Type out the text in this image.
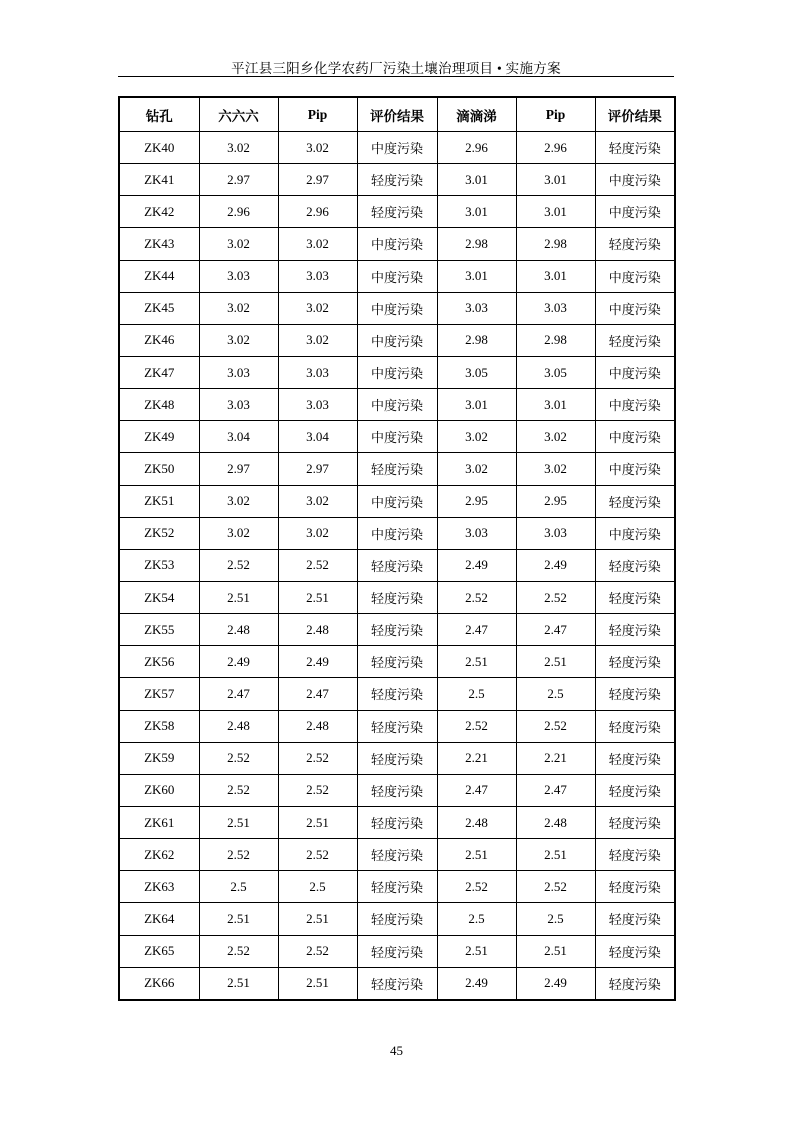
平江县三阳乡化学农药厂污染土壤治理项目 • 实施方案
钻孔	六六六	Pip	评价结果	滴滴涕	Pip	评价结果
ZK40	3.02	3.02	中度污染	2.96	2.96	轻度污染
ZK41	2.97	2.97	轻度污染	3.01	3.01	中度污染
ZK42	2.96	2.96	轻度污染	3.01	3.01	中度污染
ZK43	3.02	3.02	中度污染	2.98	2.98	轻度污染
ZK44	3.03	3.03	中度污染	3.01	3.01	中度污染
ZK45	3.02	3.02	中度污染	3.03	3.03	中度污染
ZK46	3.02	3.02	中度污染	2.98	2.98	轻度污染
ZK47	3.03	3.03	中度污染	3.05	3.05	中度污染
ZK48	3.03	3.03	中度污染	3.01	3.01	中度污染
ZK49	3.04	3.04	中度污染	3.02	3.02	中度污染
ZK50	2.97	2.97	轻度污染	3.02	3.02	中度污染
ZK51	3.02	3.02	中度污染	2.95	2.95	轻度污染
ZK52	3.02	3.02	中度污染	3.03	3.03	中度污染
ZK53	2.52	2.52	轻度污染	2.49	2.49	轻度污染
ZK54	2.51	2.51	轻度污染	2.52	2.52	轻度污染
ZK55	2.48	2.48	轻度污染	2.47	2.47	轻度污染
ZK56	2.49	2.49	轻度污染	2.51	2.51	轻度污染
ZK57	2.47	2.47	轻度污染	2.5	2.5	轻度污染
ZK58	2.48	2.48	轻度污染	2.52	2.52	轻度污染
ZK59	2.52	2.52	轻度污染	2.21	2.21	轻度污染
ZK60	2.52	2.52	轻度污染	2.47	2.47	轻度污染
ZK61	2.51	2.51	轻度污染	2.48	2.48	轻度污染
ZK62	2.52	2.52	轻度污染	2.51	2.51	轻度污染
ZK63	2.5	2.5	轻度污染	2.52	2.52	轻度污染
ZK64	2.51	2.51	轻度污染	2.5	2.5	轻度污染
ZK65	2.52	2.52	轻度污染	2.51	2.51	轻度污染
ZK66	2.51	2.51	轻度污染	2.49	2.49	轻度污染
45
